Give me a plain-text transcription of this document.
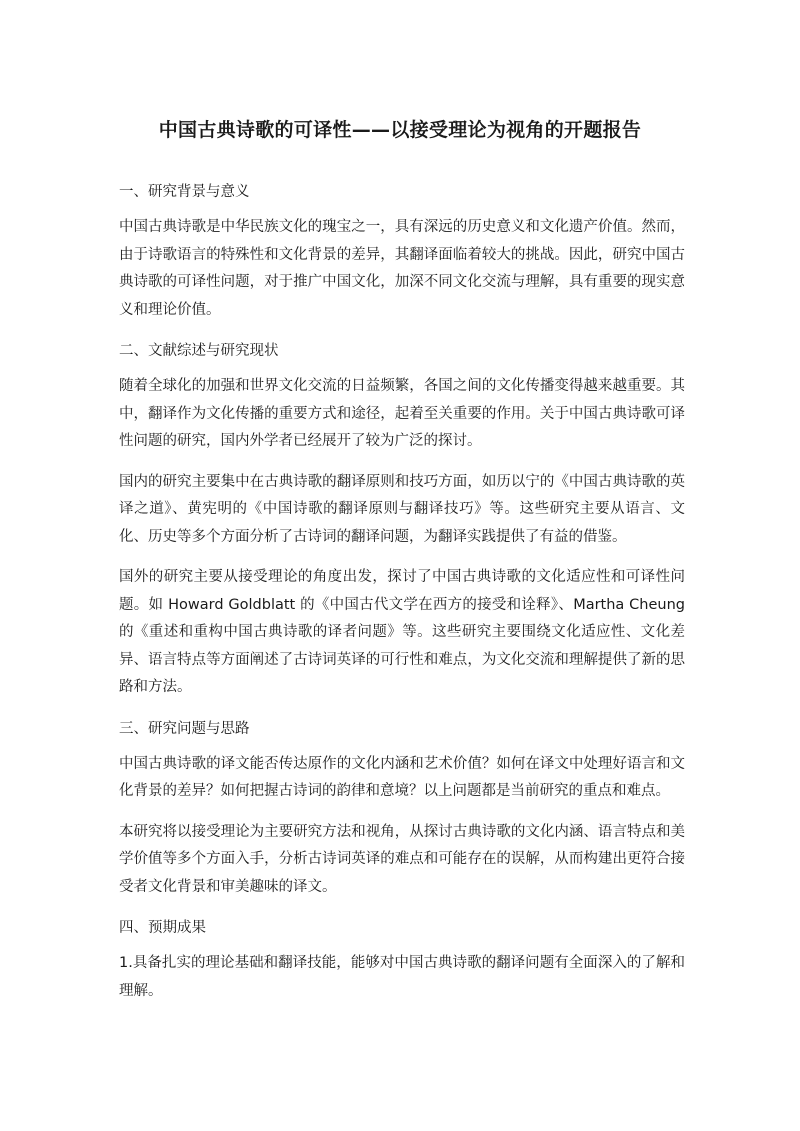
中国古典诗歌的可译性——以接受理论为视角的开题报告
一、研究背景与意义

中国古典诗歌是中华民族文化的瑰宝之一，具有深远的历史意义和文化遗产价值。然而，由于诗歌语言的特殊性和文化背景的差异，其翻译面临着较大的挑战。因此，研究中国古典诗歌的可译性问题，对于推广中国文化，加深不同文化交流与理解，具有重要的现实意义和理论价值。

二、文献综述与研究现状

随着全球化的加强和世界文化交流的日益频繁，各国之间的文化传播变得越来越重要。其中，翻译作为文化传播的重要方式和途径，起着至关重要的作用。关于中国古典诗歌可译性问题的研究，国内外学者已经展开了较为广泛的探讨。

国内的研究主要集中在古典诗歌的翻译原则和技巧方面，如历以宁的《中国古典诗歌的英译之道》、黄宪明的《中国诗歌的翻译原则与翻译技巧》等。这些研究主要从语言、文化、历史等多个方面分析了古诗词的翻译问题，为翻译实践提供了有益的借鉴。

国外的研究主要从接受理论的角度出发，探讨了中国古典诗歌的文化适应性和可译性问题。如 Howard Goldblatt 的《中国古代文学在西方的接受和诠释》、Martha Cheung 的《重述和重构中国古典诗歌的译者问题》等。这些研究主要围绕文化适应性、文化差异、语言特点等方面阐述了古诗词英译的可行性和难点，为文化交流和理解提供了新的思路和方法。

三、研究问题与思路

中国古典诗歌的译文能否传达原作的文化内涵和艺术价值？如何在译文中处理好语言和文化背景的差异？如何把握古诗词的韵律和意境？以上问题都是当前研究的重点和难点。

本研究将以接受理论为主要研究方法和视角，从探讨古典诗歌的文化内涵、语言特点和美学价值等多个方面入手，分析古诗词英译的难点和可能存在的误解，从而构建出更符合接受者文化背景和审美趣味的译文。

四、预期成果

1.具备扎实的理论基础和翻译技能，能够对中国古典诗歌的翻译问题有全面深入的了解和理解。
